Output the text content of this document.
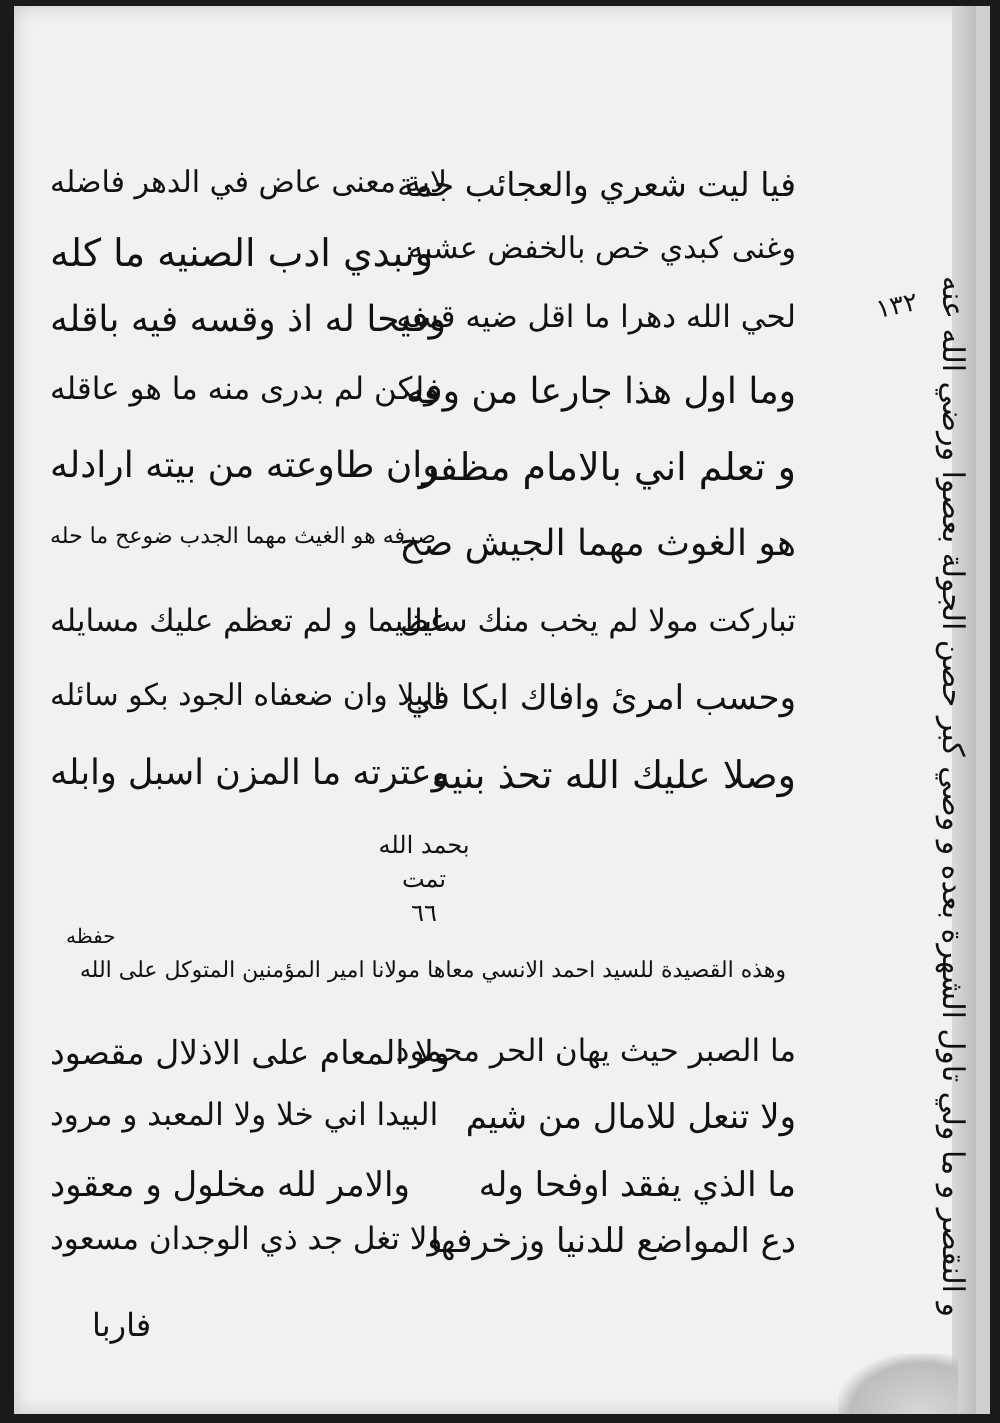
١٣٢ و النقصر و ما ولي تاول الشهرة بعده و وصي كبر حصن الجولة بعصوا ورضي الله عنه
فيا ليت شعري والعجائب جمة
لاية معنى عاض في الدهر فاضله
وغنى كبدي خص بالخفض عشبه
ونبدي ادب الصنيه ما كله
لحي الله دهرا ما اقل ضيه قسه
وفيحا له اذ وقسه فيه باقله
وما اول هذا جارعا من وفه
ولكن لم بدرى منه ما هو عاقله
و تعلم اني بالامام مظفر
وان طاوعته من بيته ارادله
هو الغوث مهما الجيش صح
صرفه هو الغيث مهما الجدب ضوعح ما حله
تباركت مولا لم يخب منك سايل
عظيما و لم تعظم عليك مسايله
وحسب امرئ وافاك ابكا في
البلا وان ضعفاه الجود بكو سائله
وصلا عليك الله تحذ بنيه
وعترته ما المزن اسبل وابله
بحمد الله
تمت
٦٦
حفظه
وهذه القصيدة للسيد احمد الانسي معاها مولانا امير المؤمنين المتوكل على الله
ما الصبر حيث يهان الحر محمود
ولا المعام على الاذلال مقصود
ولا تنعل للامال من شيم
البيدا اني خلا ولا المعبد و مرود
ما الذي يفقد اوفحا وله
والامر لله مخلول و معقود
دع المواضع للدنيا وزخرفها
ولا تغل جد ذي الوجدان مسعود
فاربا
